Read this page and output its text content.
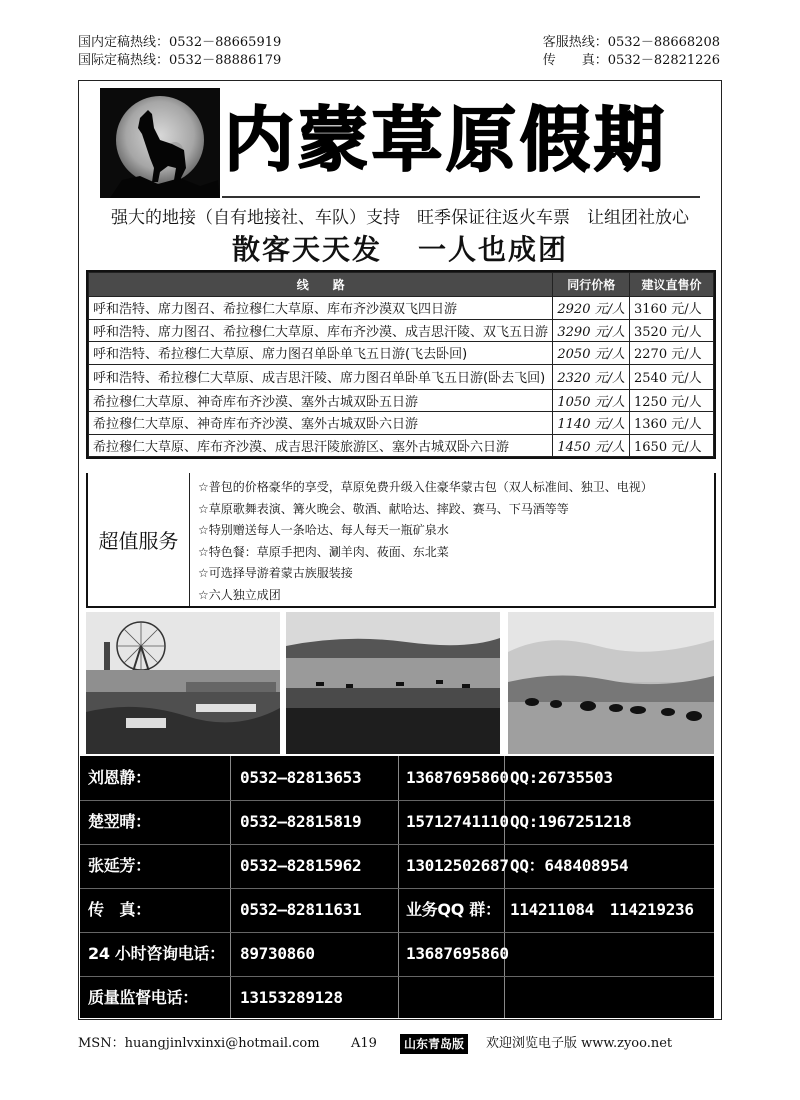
国内定稿热线：0532－88665919
国际定稿热线：0532－88886179
客服热线：0532－88668208
传　　真：0532－82821226
内蒙草原假期
强大的地接（自有地接社、车队）支持　旺季保证往返火车票　让组团社放心
散客天天发 一人也成团
线　　路	同行价格	建议直售价
呼和浩特、席力图召、希拉穆仁大草原、库布齐沙漠双飞四日游	2920 元/人	3160 元/人
呼和浩特、席力图召、希拉穆仁大草原、库布齐沙漠、成吉思汗陵、双飞五日游	3290 元/人	3520 元/人
呼和浩特、希拉穆仁大草原、席力图召单卧单飞五日游(飞去卧回)	2050 元/人	2270 元/人
呼和浩特、希拉穆仁大草原、成吉思汗陵、席力图召单卧单飞五日游(卧去飞回)	2320 元/人	2540 元/人
希拉穆仁大草原、神奇库布齐沙漠、塞外古城双卧五日游	1050 元/人	1250 元/人
希拉穆仁大草原、神奇库布齐沙漠、塞外古城双卧六日游	1140 元/人	1360 元/人
希拉穆仁大草原、库布齐沙漠、成吉思汗陵旅游区、塞外古城双卧六日游	1450 元/人	1650 元/人
超值服务
☆普包的价格豪华的享受，草原免费升级入住豪华蒙古包（双人标准间、独卫、电视）
☆草原歌舞表演、篝火晚会、敬酒、献哈达、摔跤、赛马、下马酒等等
☆特别赠送每人一条哈达、每人每天一瓶矿泉水
☆特色餐：草原手把肉、涮羊肉、莜面、东北菜
☆可选择导游着蒙古族服装接
☆六人独立成团
刘恩静：	0532—82813653	13687695860 QQ:26735503
楚翌晴：	0532—82815819	15712741110 QQ:1967251218
张延芳：	0532—82815962	13012502687 QQ：648408954
传　真：	0532—82811631	业务QQ 群： 114211084　114219236
24 小时咨询电话： 89730860	13687695860
质量监督电话：	13153289128
MSN：huangjinlvxinxi@hotmail.com A19	山东青岛版	欢迎浏览电子版 www.zyoo.net
